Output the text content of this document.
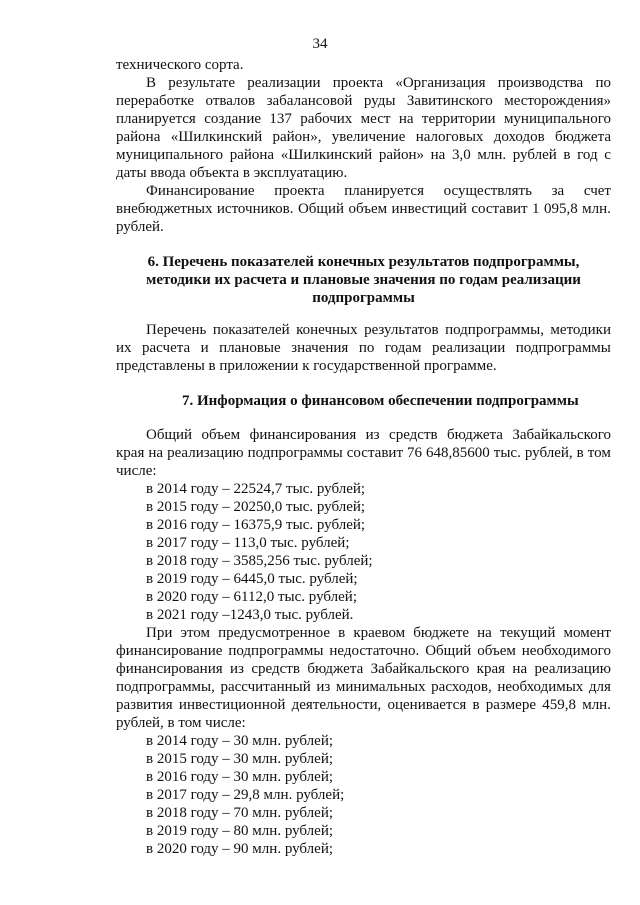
34
технического сорта.
В результате реализации проекта «Организация производства по
переработке отвалов забалансовой руды Завитинского месторождения»
планируется создание 137 рабочих мест на территории муниципального
района «Шилкинский район», увеличение налоговых доходов бюджета
муниципального района «Шилкинский район» на 3,0 млн. рублей в год с
даты ввода объекта в эксплуатацию.
Финансирование проекта планируется осуществлять за счет
внебюджетных источников. Общий объем инвестиций составит 1 095,8 млн.
рублей.
6. Перечень показателей конечных результатов подпрограммы,
методики их расчета и плановые значения по годам реализации
подпрограммы
Перечень показателей конечных результатов подпрограммы, методики
их расчета и плановые значения по годам реализации подпрограммы
представлены в приложении к государственной программе.
7. Информация о финансовом обеспечении подпрограммы
Общий объем финансирования из средств бюджета Забайкальского
края на реализацию подпрограммы составит 76 648,85600 тыс. рублей, в том
числе:
в 2014 году – 22524,7 тыс. рублей;
в 2015 году – 20250,0 тыс. рублей;
в 2016 году – 16375,9 тыс. рублей;
в 2017 году – 113,0 тыс. рублей;
в 2018 году – 3585,256 тыс. рублей;
в 2019 году – 6445,0 тыс. рублей;
в 2020 году – 6112,0 тыс. рублей;
в 2021 году –1243,0 тыс. рублей.
При этом предусмотренное в краевом бюджете на текущий момент
финансирование подпрограммы недостаточно. Общий объем необходимого
финансирования из средств бюджета Забайкальского края на реализацию
подпрограммы, рассчитанный из минимальных расходов, необходимых для
развития инвестиционной деятельности, оценивается в размере 459,8 млн.
рублей, в том числе:
в 2014 году – 30 млн. рублей;
в 2015 году – 30 млн. рублей;
в 2016 году – 30 млн. рублей;
в 2017 году – 29,8 млн. рублей;
в 2018 году – 70 млн. рублей;
в 2019 году – 80 млн. рублей;
в 2020 году – 90 млн. рублей;
